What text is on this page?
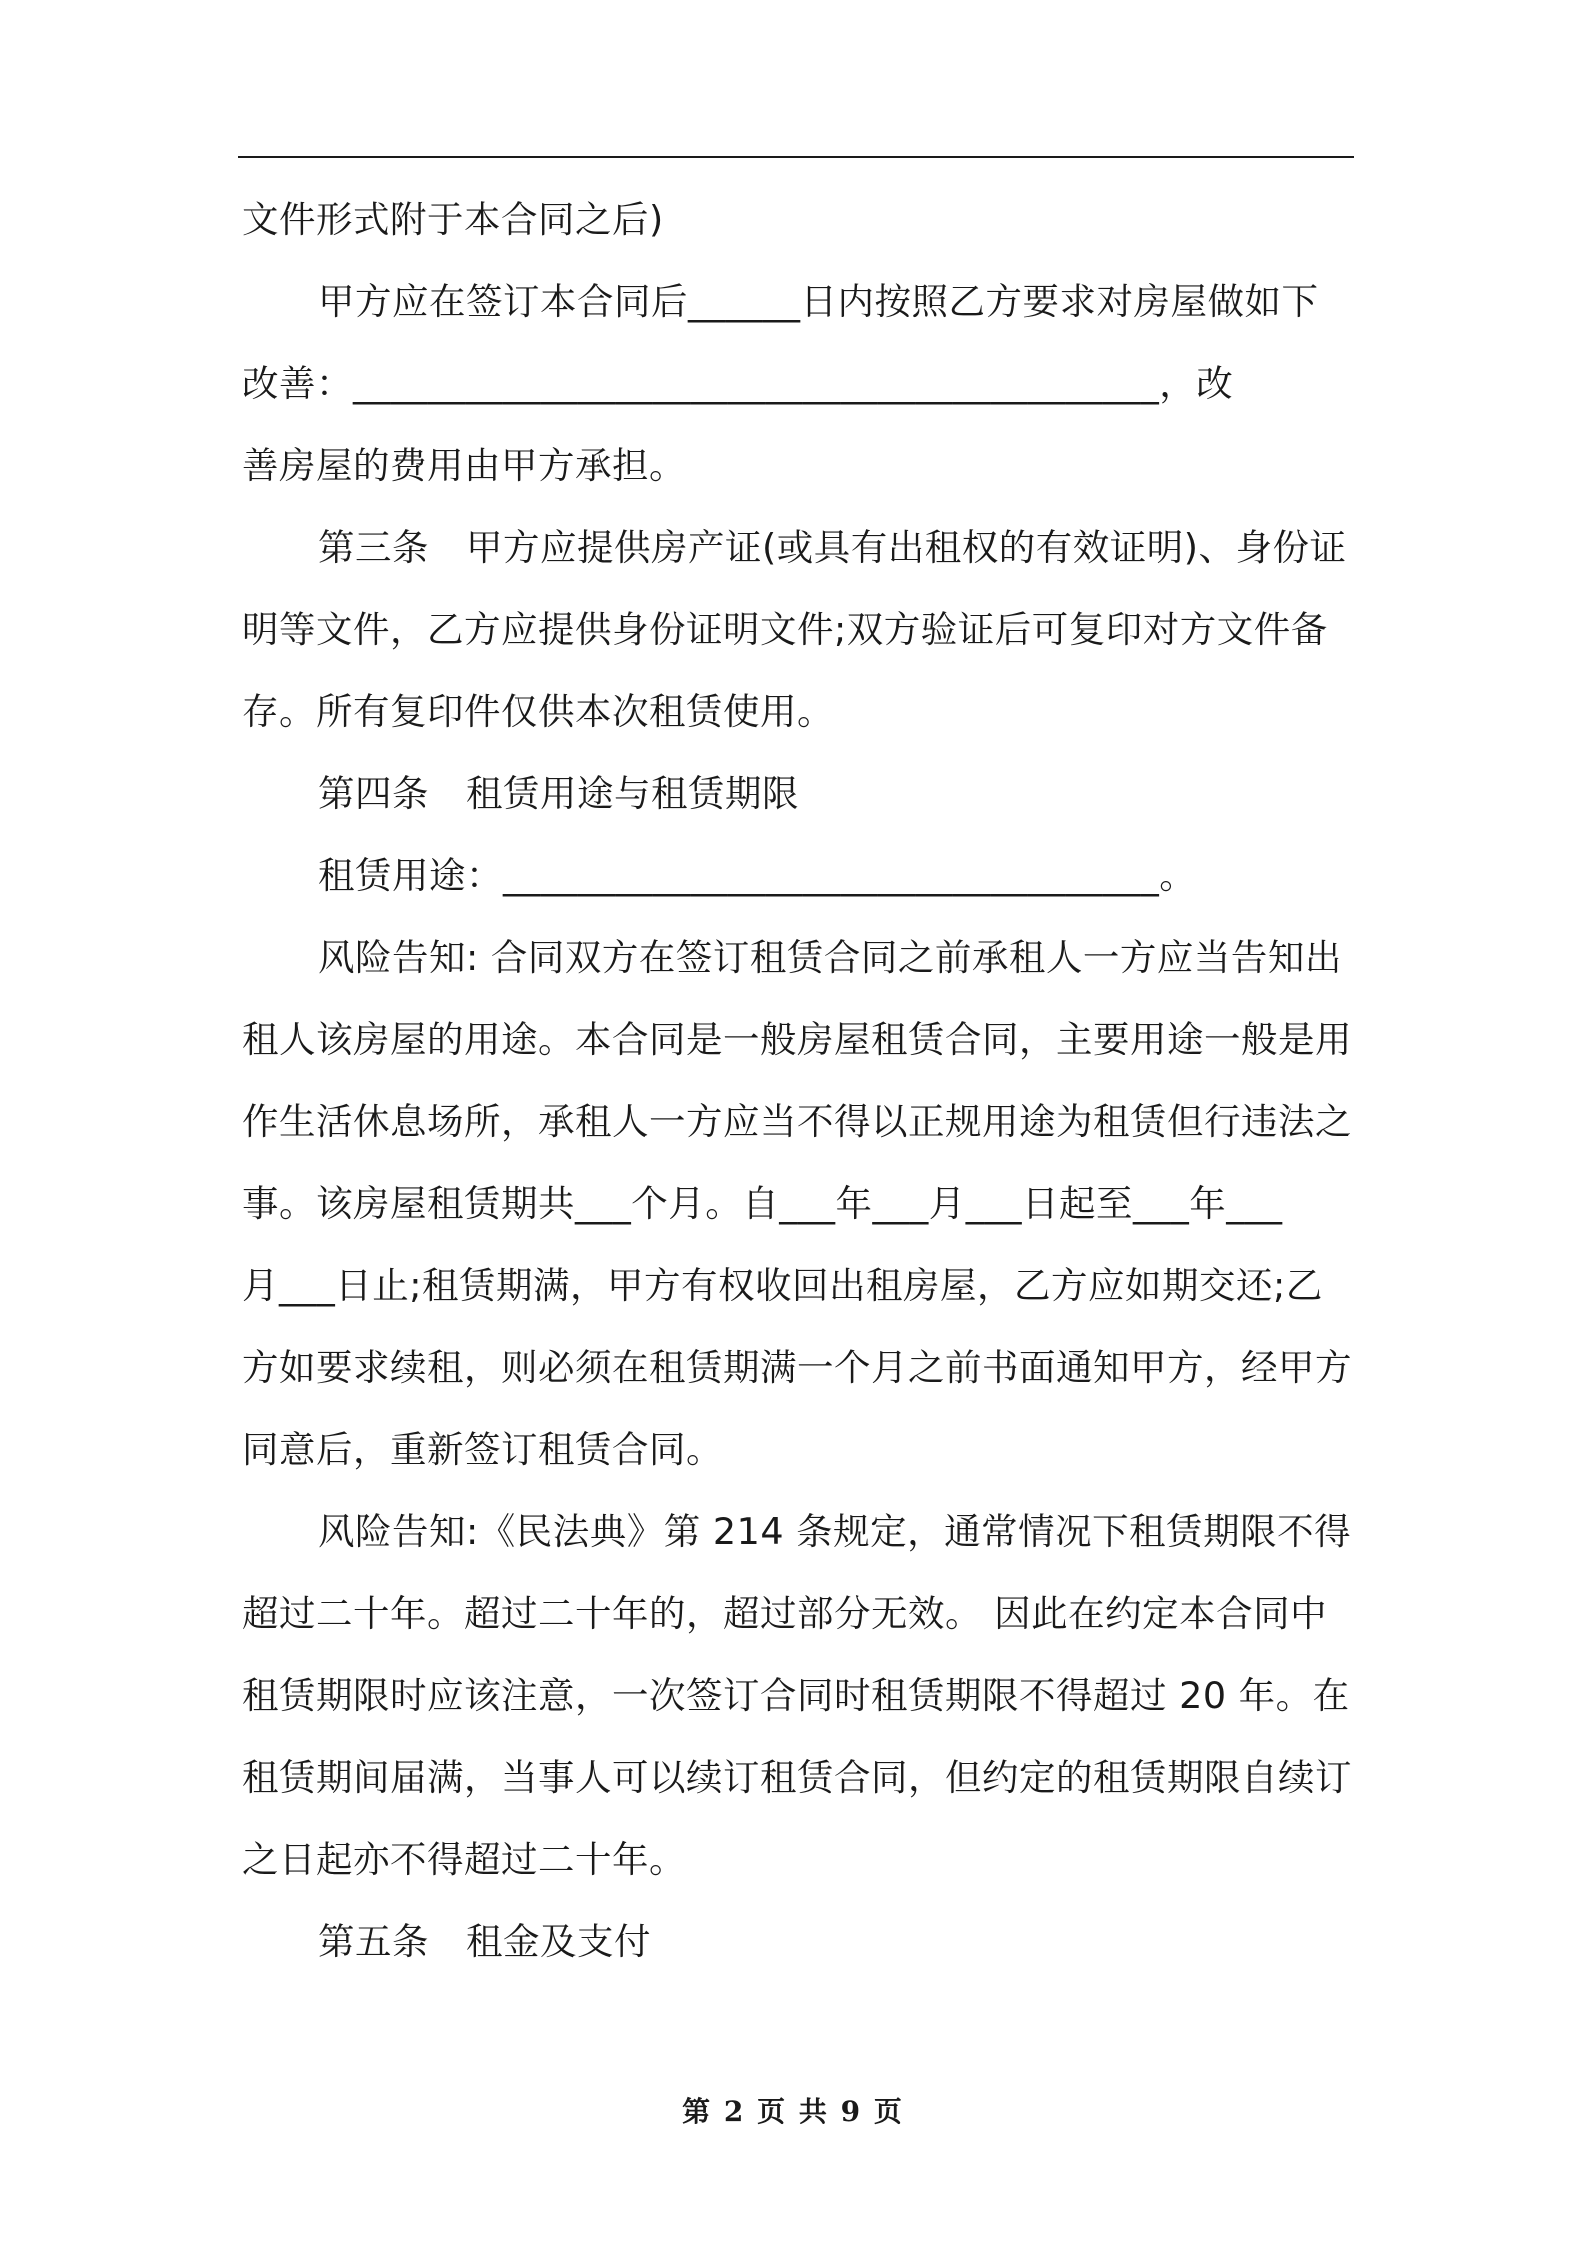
文件形式附于本合同之后)
甲方应在签订本合同后______日内按照乙方要求对房屋做如下
改善：___________________________________________，改
善房屋的费用由甲方承担。
第三条　甲方应提供房产证(或具有出租权的有效证明)、身份证
明等文件，乙方应提供身份证明文件;双方验证后可复印对方文件备
存。所有复印件仅供本次租赁使用。
第四条　租赁用途与租赁期限
租赁用途：___________________________________。
风险告知: 合同双方在签订租赁合同之前承租人一方应当告知出
租人该房屋的用途。本合同是一般房屋租赁合同，主要用途一般是用
作生活休息场所，承租人一方应当不得以正规用途为租赁但行违法之
事。该房屋租赁期共___个月。自___年___月___日起至___年___
月___日止;租赁期满，甲方有权收回出租房屋，乙方应如期交还;乙
方如要求续租，则必须在租赁期满一个月之前书面通知甲方，经甲方
同意后，重新签订租赁合同。
风险告知:《民法典》第 214 条规定，通常情况下租赁期限不得
超过二十年。超过二十年的，超过部分无效。 因此在约定本合同中
租赁期限时应该注意，一次签订合同时租赁期限不得超过 20 年。在
租赁期间届满，当事人可以续订租赁合同，但约定的租赁期限自续订
之日起亦不得超过二十年。
第五条　租金及支付
第 2 页 共 9 页
